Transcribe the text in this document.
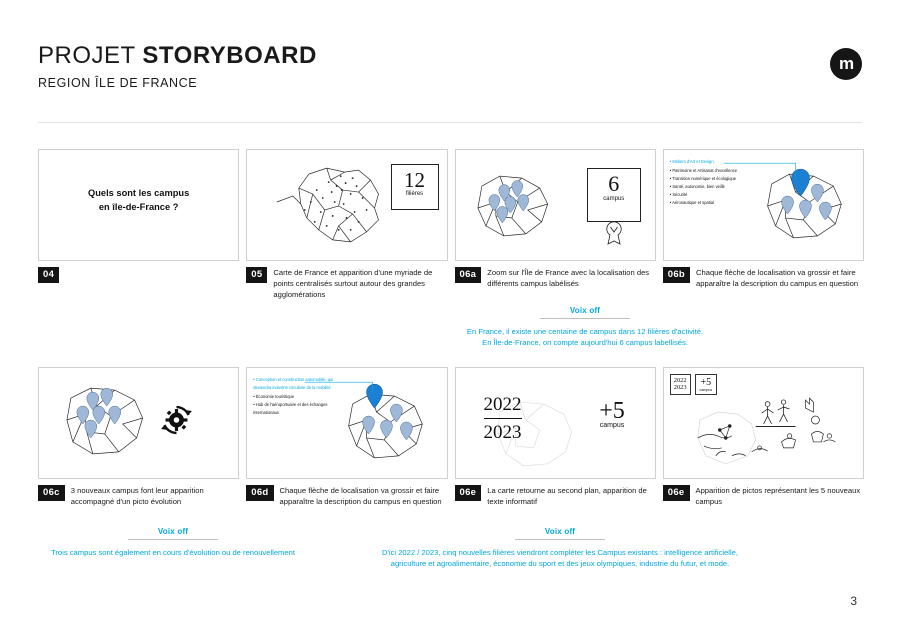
PROJET STORYBOARD
REGION ÎLE DE FRANCE
m
Quels sont les campus
en île-de-France ?
04
12
filières
05	Carte de France et apparition d'une myriade de points centralisés surtout autour des grandes agglomérations
6
campus
06a	Zoom sur l'Île de France avec la localisation des différents campus labélisés
• Métiers d'Art et Design
• Patrimoine et Artisanat d'excellence
• Transition numérique et écologique
• Santé, autonomie, bien veillir
• Sécurité
• Aéronautique et spatial
06b	Chaque flèche de localisation va grossir et faire apparaître la description du campus en question
Voix off
En France, il existe une centaine de campus dans 12 filières d'activité.
En Île-de-France, on compte aujourd'hui 6 campus labellisés.
06c	3 nouveaux campus font leur apparition accompagné d'un picto évolution
• Conception et construction automobile, qui deviendra industrie circulaire de la mobilité
• Économie touristique
• Hub de l'aéroportuaire et des échanges internationaux
06d	Chaque flèche de localisation va grossir et faire apparaître la description du campus en question
2022
2023
+5
campus
06e	La carte retourne au second plan, apparition de texte informatif
2022
2023 +5
campus
06e	Apparition de pictos représentant les 5 nouveaux campus
Voix off
Trois campus sont également en cours d'évolution ou de renouvellement
Voix off
D'ici 2022 / 2023, cinq nouvelles filières viendront compléter les Campus existants : intelligence artificielle,
agriculture et agroalimentaire, économie du sport et des jeux olympiques, industrie du futur, et mode.
3
